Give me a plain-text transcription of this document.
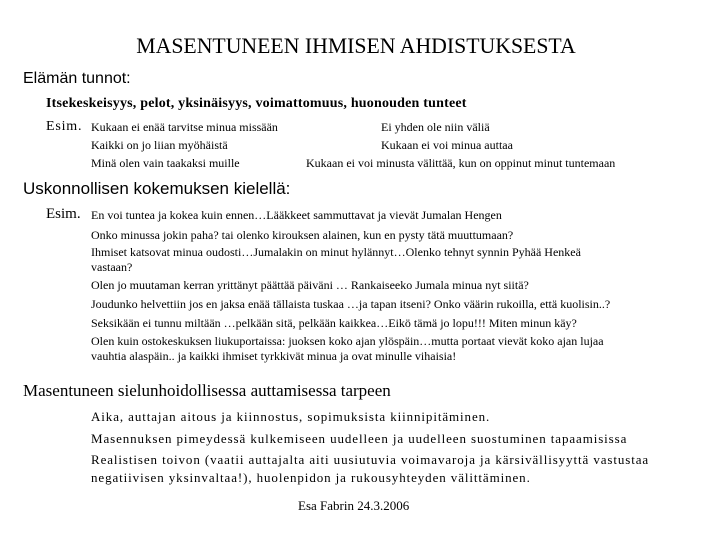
MASENTUNEEN IHMISEN AHDISTUKSESTA
Elämän tunnot:
Itsekeskeisyys, pelot, yksinäisyys, voimattomuus, huonouden tunteet
Esim. Kukaan ei enää tarvitse minua missään
Kaikki on jo liian myöhäistä
Minä olen vain taakaksi muille
Ei yhden ole niin väliä
Kukaan ei voi minua auttaa
Kukaan ei voi minusta välittää, kun on oppinut minut tuntemaan
Uskonnollisen kokemuksen kielellä:
Esim. En voi tuntea ja kokea kuin ennen…Lääkkeet sammuttavat ja vievät Jumalan Hengen
Onko minussa jokin paha? tai olenko kirouksen alainen, kun en pysty tätä muuttumaan?
Ihmiset katsovat minua oudosti…Jumalakin on minut hylännyt…Olenko tehnyt synnin Pyhää Henkeä
vastaan?
Olen jo muutaman kerran yrittänyt päättää päiväni … Rankaiseeko Jumala minua nyt siitä?
Joudunko helvettiin jos en jaksa enää tällaista tuskaa …ja tapan itseni? Onko väärin rukoilla, että kuolisin..?
Seksikään ei tunnu miltään …pelkään sitä, pelkään kaikkea…Eikö tämä jo lopu!!! Miten minun käy?
Olen kuin ostokeskuksen liukuportaissa: juoksen koko ajan ylöspäin…mutta portaat vievät koko ajan lujaa
vauhtia alaspäin.. ja kaikki ihmiset tyrkkivät minua ja ovat minulle vihaisia!
Masentuneen sielunhoidollisessa auttamisessa tarpeen
Aika, auttajan aitous ja kiinnostus, sopimuksista kiinnipitäminen.
Masennuksen pimeydessä kulkemiseen uudelleen ja uudelleen suostuminen tapaamisissa
Realistisen toivon (vaatii auttajalta aiti uusiutuvia voimavaroja ja kärsivällisyyttä vastustaa
negatiivisen yksinvaltaa!), huolenpidon ja rukousyhteyden välittäminen.
Esa Fabrin 24.3.2006
